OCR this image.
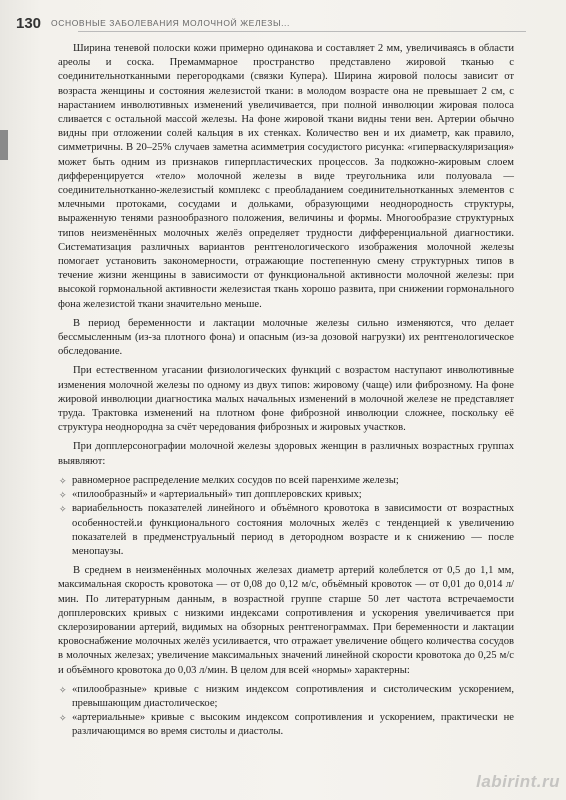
130 ОСНОВНЫЕ ЗАБОЛЕВАНИЯ МОЛОЧНОЙ ЖЕЛЕЗЫ...

Ширина теневой полоски кожи примерно одинакова и составляет 2 мм, увеличиваясь в области ареолы и соска. Премаммарное пространство представлено жировой тканью с соединительнотканными перегородками (связки Купера). Ширина жировой полосы зависит от возраста женщины и состояния железистой ткани: в молодом возрасте она не превышает 2 см, с нарастанием инволютивных изменений увеличивается, при полной инволюции жировая полоса сливается с остальной массой железы. На фоне жировой ткани видны тени вен. Артерии обычно видны при отложении солей кальция в их стенках. Количество вен и их диаметр, как правило, симметричны. В 20–25% случаев заметна асимметрия сосудистого рисунка: «гиперваскуляризация» может быть одним из признаков гиперпластических процессов. За подкожно-жировым слоем дифференцируется «тело» молочной железы в виде треугольника или полуовала — соединительнотканно-железистый комплекс с преобладанием соединительнотканных элементов с млечными протоками, сосудами и дольками, образующими неоднородность структуры, выраженную тенями разнообразного положения, величины и формы. Многообразие структурных типов неизменённых молочных желёз определяет трудности дифференциальной диагностики. Систематизация различных вариантов рентгенологического изображения молочной железы помогает установить закономерности, отражающие постепенную смену структурных типов в течение жизни женщины в зависимости от функциональной активности молочной железы: при высокой гормональной активности железистая ткань хорошо развита, при снижении гормонального фона железистой ткани значительно меньше.

В период беременности и лактации молочные железы сильно изменяются, что делает бессмысленным (из-за плотного фона) и опасным (из-за дозовой нагрузки) их рентгенологическое обследование.

При естественном угасании физиологических функций с возрастом наступают инволютивные изменения молочной железы по одному из двух типов: жировому (чаще) или фиброзному. На фоне жировой инволюции диагностика малых начальных изменений в молочной железе не представляет труда. Трактовка изменений на плотном фоне фиброзной инволюции сложнее, поскольку её структура неоднородна за счёт чередования фиброзных и жировых участков.

При допплерсонографии молочной железы здоровых женщин в различных возрастных группах выявляют:

✧ равномерное распределение мелких сосудов по всей паренхиме железы;
✧ «пилообразный» и «артериальный» тип допплеровских кривых;
✧ вариабельность показателей линейного и объёмного кровотока в зависимости от возрастных особенностей.и функционального состояния молочных желёз с тенденцией к увеличению показателей в предменструальный период в детородном возрасте и к снижению — после менопаузы.

В среднем в неизменённых молочных железах диаметр артерий колеблется от 0,5 до 1,1 мм, максимальная скорость кровотока — от 0,08 до 0,12 м/с, объёмный кровоток — от 0,01 до 0,014 л/мин. По литературным данным, в возрастной группе старше 50 лет частота встречаемости допплеровских кривых с низкими индексами сопротивления и ускорения увеличивается при склерозировании артерий, видимых на обзорных рентгенограммах. При беременности и лактации кровоснабжение молочных желёз усиливается, что отражает увеличение общего количества сосудов в молочных железах; увеличение максимальных значений линейной скорости кровотока до 0,25 м/с и объёмного кровотока до 0,03 л/мин. В целом для всей «нормы» характерны:

✧ «пилообразные» кривые с низким индексом сопротивления и систолическим ускорением, превышающим диастолическое;
✧ «артериальные» кривые с высоким индексом сопротивления и ускорением, практически не различающимся во время систолы и диастолы.
labirint.ru
